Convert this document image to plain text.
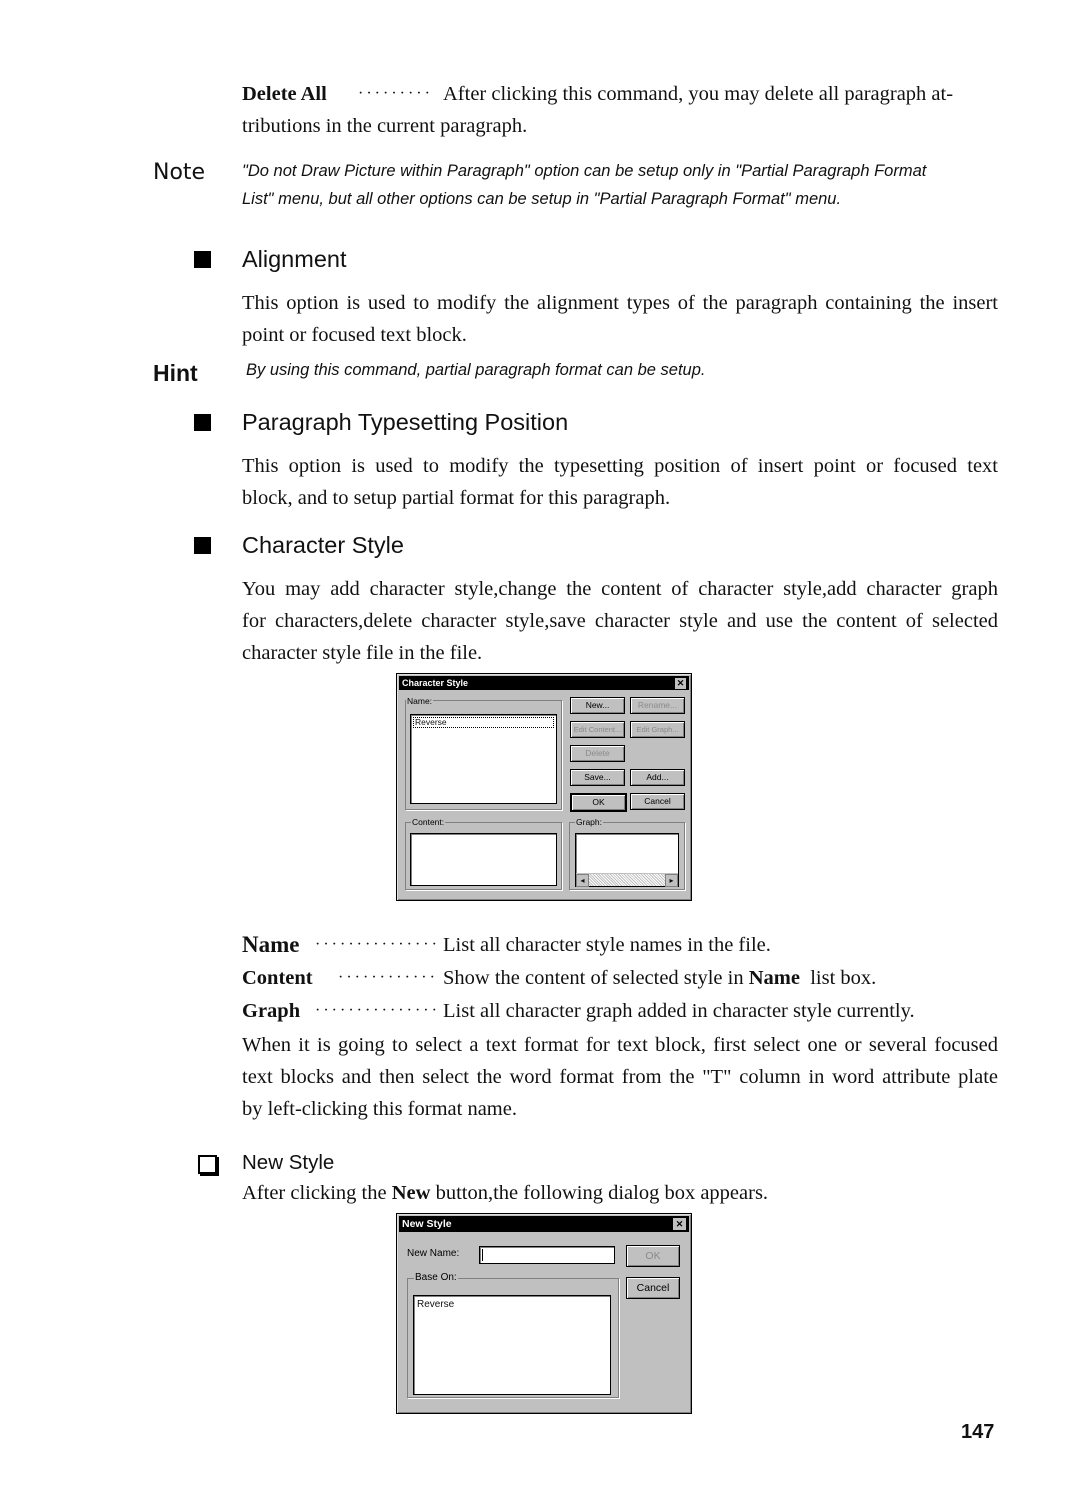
Delete All ········· After clicking this command, you may delete all paragraph at-
tributions in the current paragraph.
Note "Do not Draw Picture within Paragraph" option can be setup only in "Partial Paragraph Format
List" menu, but all other options can be setup in "Partial Paragraph Format" menu.
Alignment
This option is used to modify the alignment types of the paragraph containing the insert
point or focused text block.
Hint	By using this command, partial paragraph format can be setup.
Paragraph Typesetting Position
This option is used to modify the typesetting position of insert point or focused text
block, and to setup partial format for this paragraph.
Character Style
You may add character style,change the content of character style,add character graph
for characters,delete character style,save character style and use the content of selected
character style file in the file.
Character Style	✕
Name:
Reverse
New...	Rename...
Edit Content...	Edit Graph...
Delete
Save...	Add...
OK	Cancel
Content:	Graph:
◂	▸
Name ··············· List all character style names in the file.
Content ············ Show the content of selected style in Name  list box.
Graph ··············· List all character graph added in character style currently.
When it is going to select a text format for text block, first select one or several focused
text blocks and then select the word format from the "T" column in word attribute plate
by left-clicking this format name.
New Style
After clicking the New button,the following dialog box appears.
New Style	✕
New Name:
Base On:
Reverse
OK
Cancel
147
